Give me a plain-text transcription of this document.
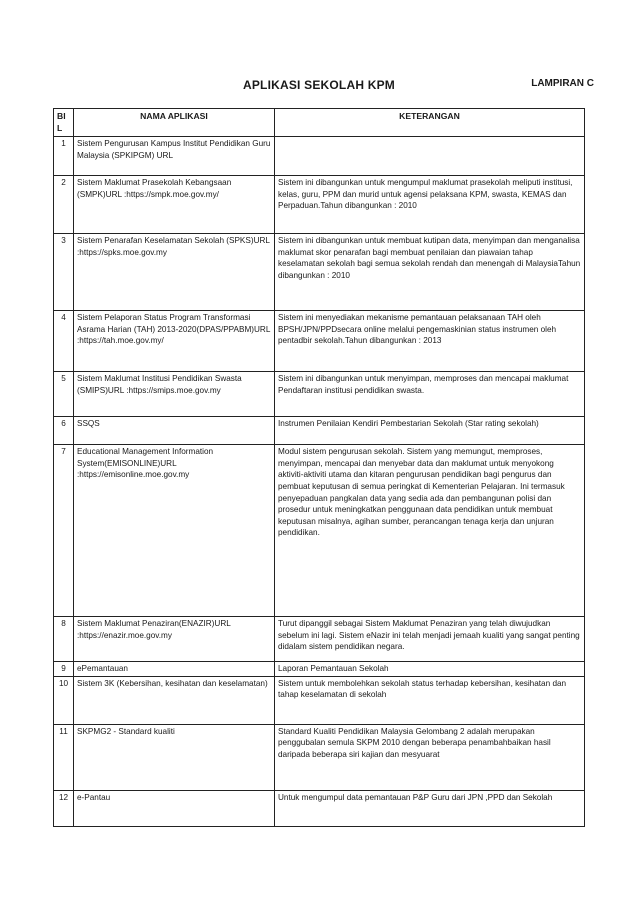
APLIKASI SEKOLAH KPM	LAMPIRAN C
BIL	NAMA APLIKASI	KETERANGAN
1	Sistem Pengurusan Kampus Institut Pendidikan Guru Malaysia (SPKIPGM) URL	
2	Sistem Maklumat Prasekolah Kebangsaan (SMPK)URL :https://smpk.moe.gov.my/	Sistem ini dibangunkan untuk mengumpul maklumat prasekolah meliputi institusi, kelas, guru, PPM dan murid untuk agensi pelaksana KPM, swasta, KEMAS dan Perpaduan.Tahun dibangunkan : 2010
3	Sistem Penarafan Keselamatan Sekolah (SPKS)URL :https://spks.moe.gov.my	Sistem ini dibangunkan untuk membuat kutipan data, menyimpan dan menganalisa maklumat skor penarafan bagi membuat penilaian dan piawaian tahap keselamatan sekolah bagi semua sekolah rendah dan menengah di MalaysiaTahun dibangunkan : 2010
4	Sistem Pelaporan Status Program Transformasi Asrama Harian (TAH) 2013-2020(DPAS/PPABM)URL :https://tah.moe.gov.my/	Sistem ini menyediakan mekanisme pemantauan pelaksanaan TAH oleh BPSH/JPN/PPDsecara online melalui pengemaskinian status instrumen oleh pentadbir sekolah.Tahun dibangunkan : 2013
5	Sistem Maklumat Institusi Pendidikan Swasta (SMIPS)URL :https://smips.moe.gov.my	Sistem ini dibangunkan untuk menyimpan, memproses dan mencapai maklumat Pendaftaran institusi pendidikan swasta.
6	SSQS	Instrumen Penilaian Kendiri Pembestarian Sekolah (Star rating sekolah)
7	Educational Management Information System(EMISONLINE)URL :https://emisonline.moe.gov.my	Modul sistem pengurusan sekolah. Sistem yang memungut, memproses, menyimpan, mencapai dan menyebar data dan maklumat untuk menyokong aktiviti-aktiviti utama dan kitaran pengurusan pendidikan bagi pengurus dan pembuat keputusan di semua peringkat di Kementerian Pelajaran. Ini termasuk penyepaduan pangkalan data yang sedia ada dan pembangunan polisi dan prosedur untuk meningkatkan penggunaan data pendidikan untuk membuat keputusan misalnya, agihan sumber, perancangan tenaga kerja dan unjuran pendidikan.
8	Sistem Maklumat Penaziran(ENAZIR)URL :https://enazir.moe.gov.my	Turut dipanggil sebagai Sistem Maklumat Penaziran yang telah diwujudkan sebelum ini lagi. Sistem eNazir ini telah menjadi jemaah kualiti yang sangat penting didalam sistem pendidikan negara.
9	ePemantauan	Laporan Pemantauan Sekolah
10	Sistem 3K (Kebersihan, kesihatan dan keselamatan)	Sistem untuk membolehkan sekolah status terhadap kebersihan, kesihatan dan tahap keselamatan di sekolah
11	SKPMG2 - Standard kualiti	Standard Kualiti Pendidikan Malaysia Gelombang 2 adalah merupakan penggubalan semula SKPM 2010 dengan beberapa penambahbaikan hasil daripada beberapa siri kajian dan mesyuarat
12	e-Pantau	Untuk mengumpul data pemantauan P&P Guru dari JPN ,PPD dan Sekolah
